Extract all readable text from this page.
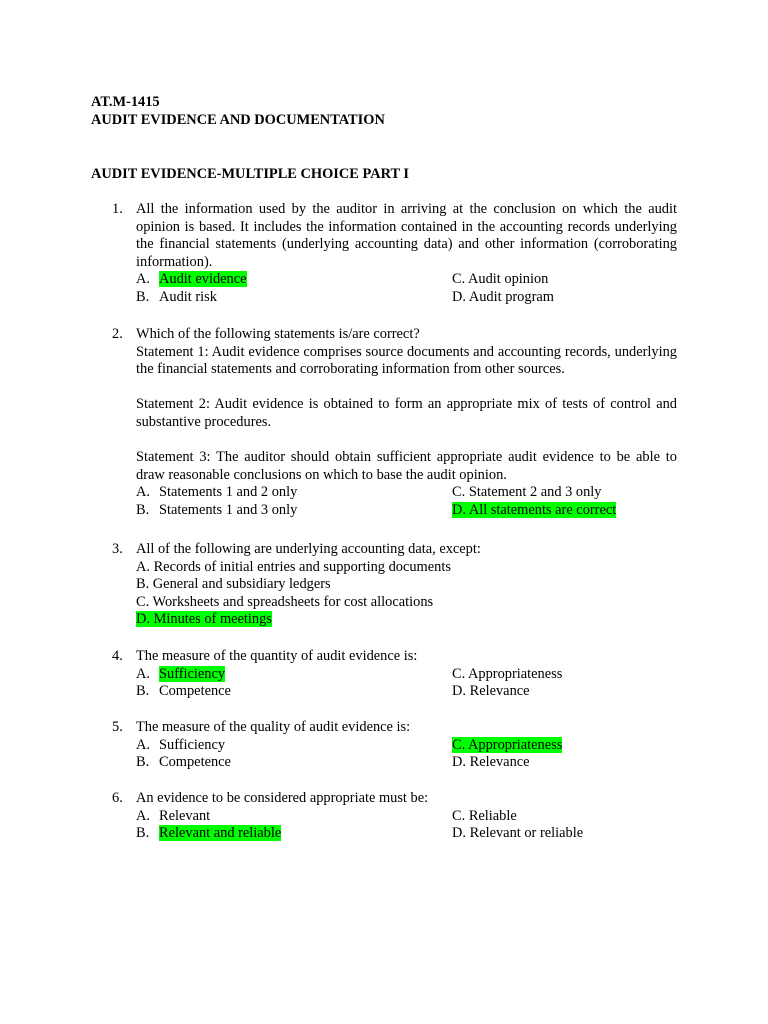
AT.M-1415
AUDIT EVIDENCE AND DOCUMENTATION
AUDIT EVIDENCE-MULTIPLE CHOICE PART I
1. All the information used by the auditor in arriving at the conclusion on which the audit opinion is based. It includes the information contained in the accounting records underlying the financial statements (underlying accounting data) and other information (corroborating information).
A. Audit evidence	C. Audit opinion
B. Audit risk	D. Audit program
2. Which of the following statements is/are correct?
Statement 1: Audit evidence comprises source documents and accounting records, underlying the financial statements and corroborating information from other sources.
Statement 2: Audit evidence is obtained to form an appropriate mix of tests of control and substantive procedures.
Statement 3: The auditor should obtain sufficient appropriate audit evidence to be able to draw reasonable conclusions on which to base the audit opinion.
A. Statements 1 and 2 only	C. Statement 2 and 3 only
B. Statements 1 and 3 only	D. All statements are correct
3. All of the following are underlying accounting data, except:
A. Records of initial entries and supporting documents
B. General and subsidiary ledgers
C. Worksheets and spreadsheets for cost allocations
D. Minutes of meetings
4. The measure of the quantity of audit evidence is:
A. Sufficiency	C. Appropriateness
B. Competence	D. Relevance
5. The measure of the quality of audit evidence is:
A. Sufficiency	C. Appropriateness
B. Competence	D. Relevance
6. An evidence to be considered appropriate must be:
A. Relevant	C. Reliable
B. Relevant and reliable	D. Relevant or reliable
